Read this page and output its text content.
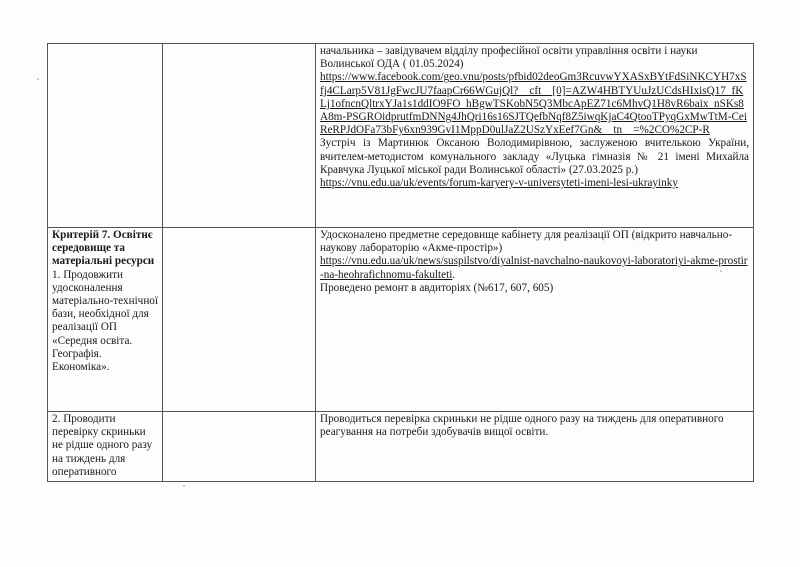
		начальника – завідувачем відділу професійної освіти управління освіти і науки Волинської ОДА ( 01.05.2024)
https://www.facebook.com/geo.vnu/posts/pfbid02deoGm3RcuvwYXASxBYtFdSiNKCYH7xSfj4CLarp5V81JgFwcJU7faapCr66WGujQl?__cft__[0]=AZW4HBTYUuJzUCdsHIxisQ17_fKLj1ofncnQltrxYJa1s1ddIO9FO_hBgwTSKobN5Q3MbcApEZ71c6MhvQ1H8vR6baix_nSKs8A8m-PSGROidprutfmDNNg4JhQri16s16SJTQefbNqf8Z5iwqKjaC4QtooTPyqGxMwTtM-CeiReRPJdOFa73bFy6xn939GvI1MppD0ulJaZ2USzYxEef7Gn&__tn__=%2CO%2CP-R
Зустріч із Мартинюк Оксаною Володимирівною, заслуженою вчителькою України, вчителем-методистом комунального закладу «Луцька гімназія № 21 імені Михайла Кравчука Луцької міської ради Волинської області» (27.03.2025 р.)
https://vnu.edu.ua/uk/events/forum-karyery-v-universyteti-imeni-lesi-ukrayinky

Критерій 7. Освітнє середовище та матеріальні ресурси
1. Продовжити удосконалення матеріально-технічної бази, необхідної для реалізації ОП «Середня освіта. Географія. Економіка».		Удосконалено предметне середовище кабінету для реалізації ОП (відкрито навчально-наукову лабораторію «Акме-простір»)
https://vnu.edu.ua/uk/news/suspilstvo/diyalnist-navchalno-naukovoyi-laboratoriyi-akme-prostir-na-heohrafichnomu-fakulteti.
Проведено ремонт в авдиторіях (№617, 607, 605)

2. Проводити перевірку скриньки не рідше одного разу на тиждень для оперативного		Проводиться перевірка скриньки не рідше одного разу на тиждень для оперативного реагування на потреби здобувачів вищої освіти.
